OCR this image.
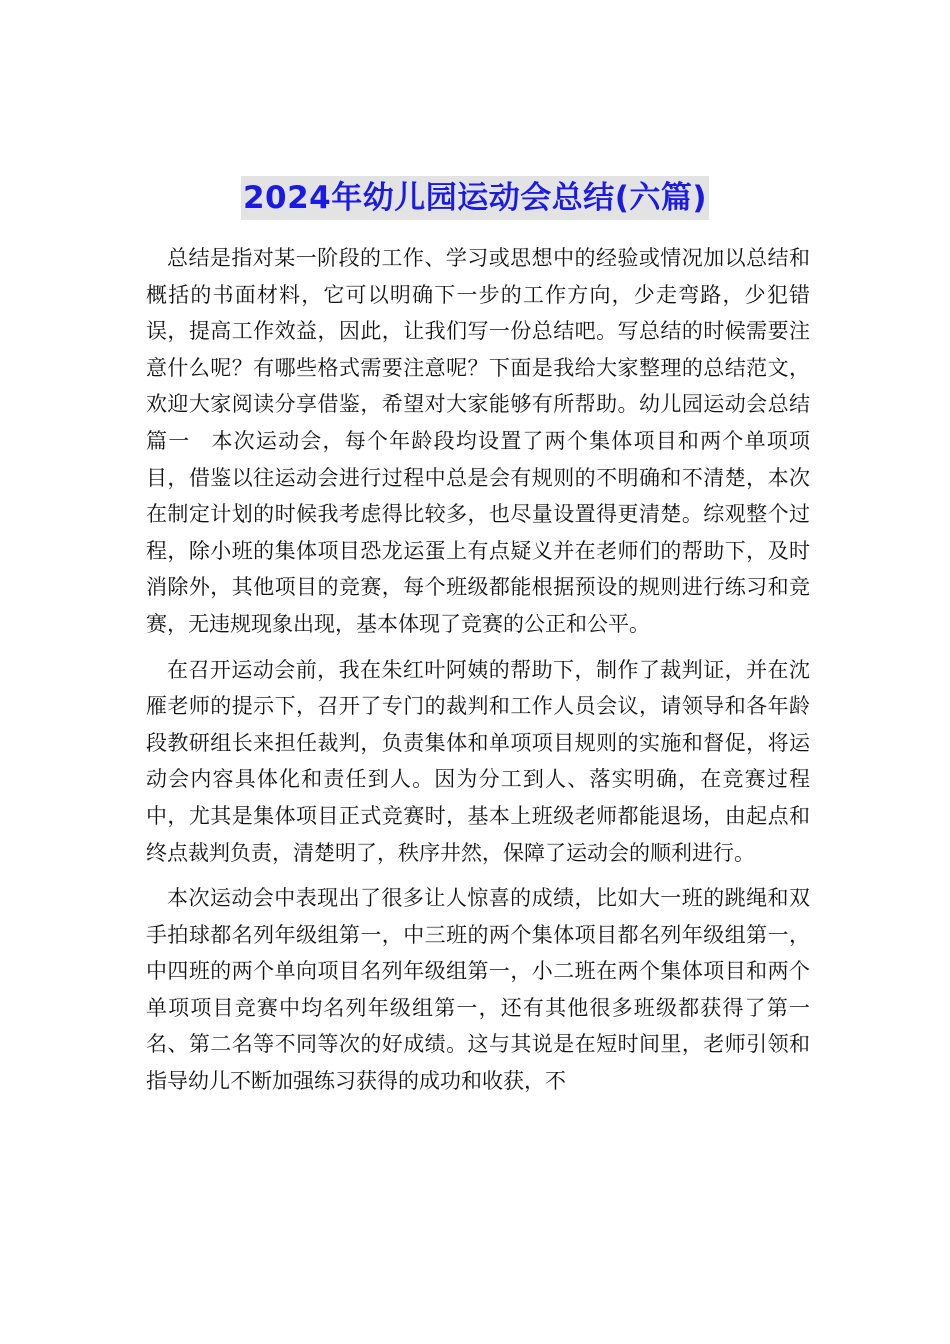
2024年幼儿园运动会总结(六篇)

总结是指对某一阶段的工作、学习或思想中的经验或情况加以总结和概括的书面材料，它可以明确下一步的工作方向，少走弯路，少犯错误，提高工作效益，因此，让我们写一份总结吧。写总结的时候需要注意什么呢？有哪些格式需要注意呢？下面是我给大家整理的总结范文，欢迎大家阅读分享借鉴，希望对大家能够有所帮助。幼儿园运动会总结篇一 本次运动会，每个年龄段均设置了两个集体项目和两个单项项目，借鉴以往运动会进行过程中总是会有规则的不明确和不清楚，本次在制定计划的时候我考虑得比较多，也尽量设置得更清楚。综观整个过程，除小班的集体项目恐龙运蛋上有点疑义并在老师们的帮助下，及时消除外，其他项目的竞赛，每个班级都能根据预设的规则进行练习和竞赛，无违规现象出现，基本体现了竞赛的公正和公平。

在召开运动会前，我在朱红叶阿姨的帮助下，制作了裁判证，并在沈雁老师的提示下，召开了专门的裁判和工作人员会议，请领导和各年龄段教研组长来担任裁判，负责集体和单项项目规则的实施和督促，将运动会内容具体化和责任到人。因为分工到人、落实明确，在竞赛过程中，尤其是集体项目正式竞赛时，基本上班级老师都能退场，由起点和终点裁判负责，清楚明了，秩序井然，保障了运动会的顺利进行。

本次运动会中表现出了很多让人惊喜的成绩，比如大一班的跳绳和双手拍球都名列年级组第一，中三班的两个集体项目都名列年级组第一，中四班的两个单向项目名列年级组第一，小二班在两个集体项目和两个单项项目竞赛中均名列年级组第一，还有其他很多班级都获得了第一名、第二名等不同等次的好成绩。这与其说是在短时间里，老师引领和指导幼儿不断加强练习获得的成功和收获，不
